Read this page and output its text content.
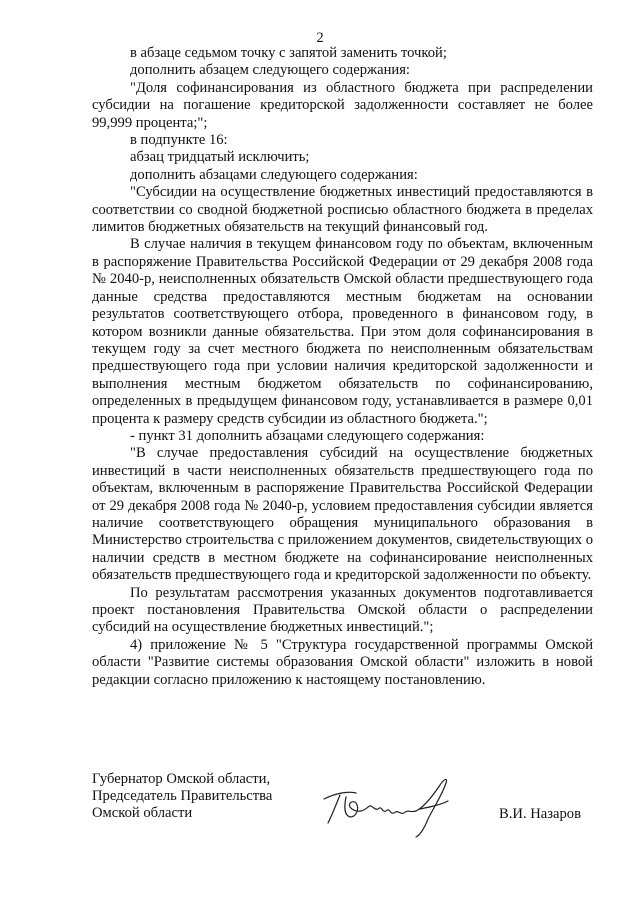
2

в абзаце седьмом точку с запятой заменить точкой;

дополнить абзацем следующего содержания:

"Доля софинансирования из областного бюджета при распределении субсидии на погашение кредиторской задолженности составляет не более 99,999 процента;";

в подпункте 16:

абзац тридцатый исключить;

дополнить абзацами следующего содержания:

"Субсидии на осуществление бюджетных инвестиций предоставляются в соответствии со сводной бюджетной росписью областного бюджета в пределах лимитов бюджетных обязательств на текущий финансовый год.

В случае наличия в текущем финансовом году по объектам, включенным в распоряжение Правительства Российской Федерации от 29 декабря 2008 года № 2040-р, неисполненных обязательств Омской области предшествующего года данные средства предоставляются местным бюджетам на основании результатов соответствующего отбора, проведенного в финансовом году, в котором возникли данные обязательства. При этом доля софинансирования в текущем году за счет местного бюджета по неисполненным обязательствам предшествующего года при условии наличия кредиторской задолженности и выполнения местным бюджетом обязательств по софинансированию, определенных в предыдущем финансовом году, устанавливается в размере 0,01 процента к размеру средств субсидии из областного бюджета.";

- пункт 31 дополнить абзацами следующего содержания:

"В случае предоставления субсидий на осуществление бюджетных инвестиций в части неисполненных обязательств предшествующего года по объектам, включенным в распоряжение Правительства Российской Федерации от 29 декабря 2008 года № 2040-р, условием предоставления субсидии является наличие соответствующего обращения муниципального образования в Министерство строительства с приложением документов, свидетельствующих о наличии средств в местном бюджете на софинансирование неисполненных обязательств предшествующего года и кредиторской задолженности по объекту.

По результатам рассмотрения указанных документов подготавливается проект постановления Правительства Омской области о распределении субсидий на осуществление бюджетных инвестиций.";

4) приложение № 5 "Структура государственной программы Омской области "Развитие системы образования Омской области" изложить в новой редакции согласно приложению к настоящему постановлению.

Губернатор Омской области,
Председатель Правительства
Омской области	В.И. Назаров
